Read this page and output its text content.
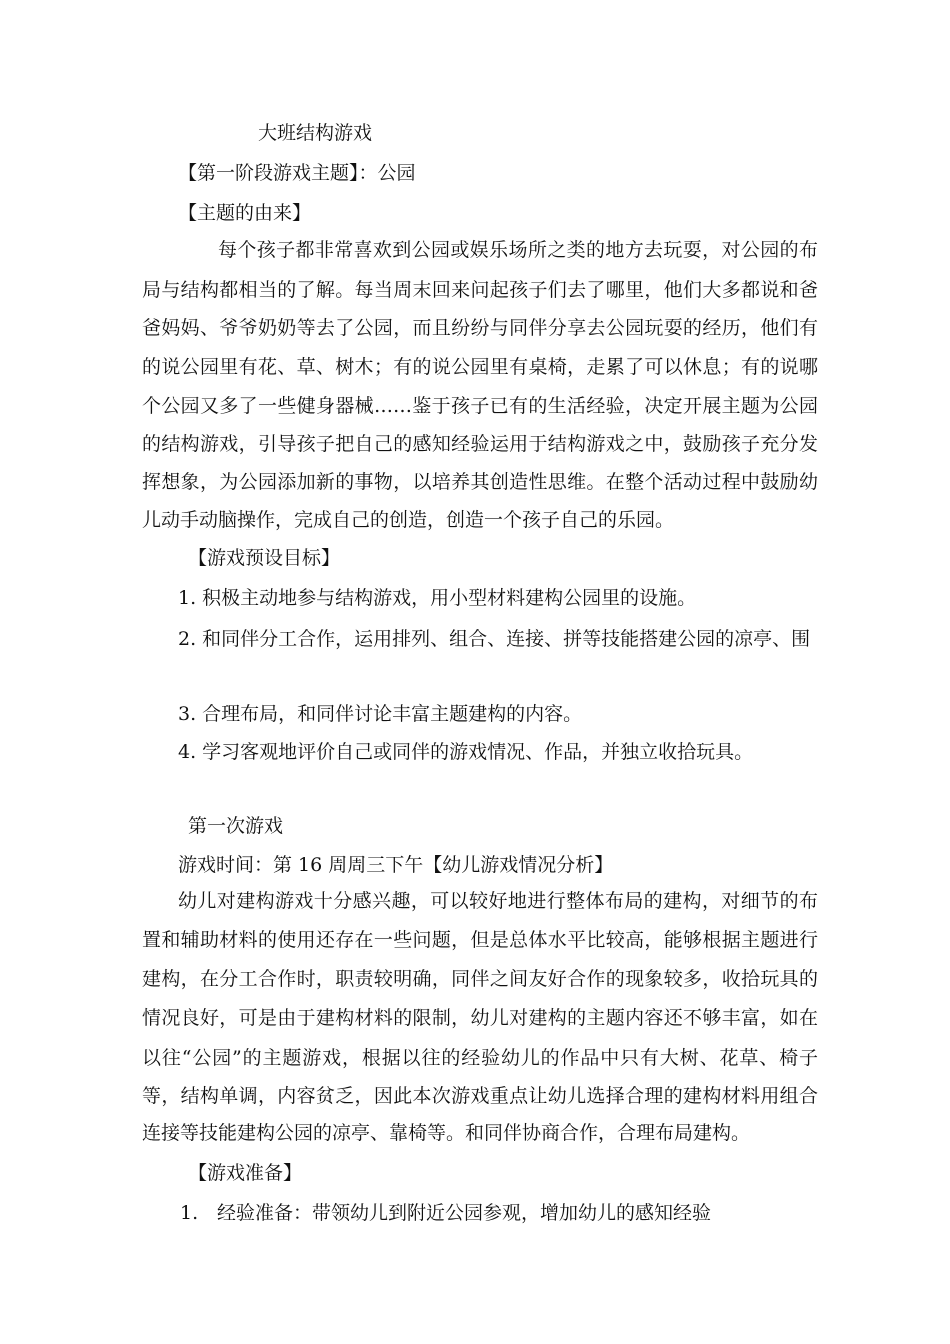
大班结构游戏
【第一阶段游戏主题】：公园
【主题的由来】
每个孩子都非常喜欢到公园或娱乐场所之类的地方去玩耍，对公园的布
局与结构都相当的了解。每当周末回来问起孩子们去了哪里，他们大多都说和爸
爸妈妈、爷爷奶奶等去了公园，而且纷纷与同伴分享去公园玩耍的经历，他们有
的说公园里有花、草、树木；有的说公园里有桌椅，走累了可以休息；有的说哪
个公园又多了一些健身器械……鉴于孩子已有的生活经验，决定开展主题为公园
的结构游戏，引导孩子把自己的感知经验运用于结构游戏之中，鼓励孩子充分发
挥想象，为公园添加新的事物，以培养其创造性思维。在整个活动过程中鼓励幼
儿动手动脑操作，完成自己的创造，创造一个孩子自己的乐园。
【游戏预设目标】
1. 积极主动地参与结构游戏，用小型材料建构公园里的设施。
2. 和同伴分工合作，运用排列、组合、连接、拼等技能搭建公园的凉亭、围
3. 合理布局，和同伴讨论丰富主题建构的内容。
4. 学习客观地评价自己或同伴的游戏情况、作品，并独立收拾玩具。
第一次游戏
游戏时间：第 16 周周三下午【幼儿游戏情况分析】
幼儿对建构游戏十分感兴趣，可以较好地进行整体布局的建构，对细节的布
置和辅助材料的使用还存在一些问题，但是总体水平比较高，能够根据主题进行
建构，在分工合作时，职责较明确，同伴之间友好合作的现象较多，收拾玩具的
情况良好，可是由于建构材料的限制，幼儿对建构的主题内容还不够丰富，如在
以往“公园”的主题游戏，根据以往的经验幼儿的作品中只有大树、花草、椅子
等，结构单调，内容贫乏，因此本次游戏重点让幼儿选择合理的建构材料用组合
连接等技能建构公园的凉亭、靠椅等。和同伴协商合作，合理布局建构。
【游戏准备】
1. 经验准备：带领幼儿到附近公园参观，增加幼儿的感知经验
